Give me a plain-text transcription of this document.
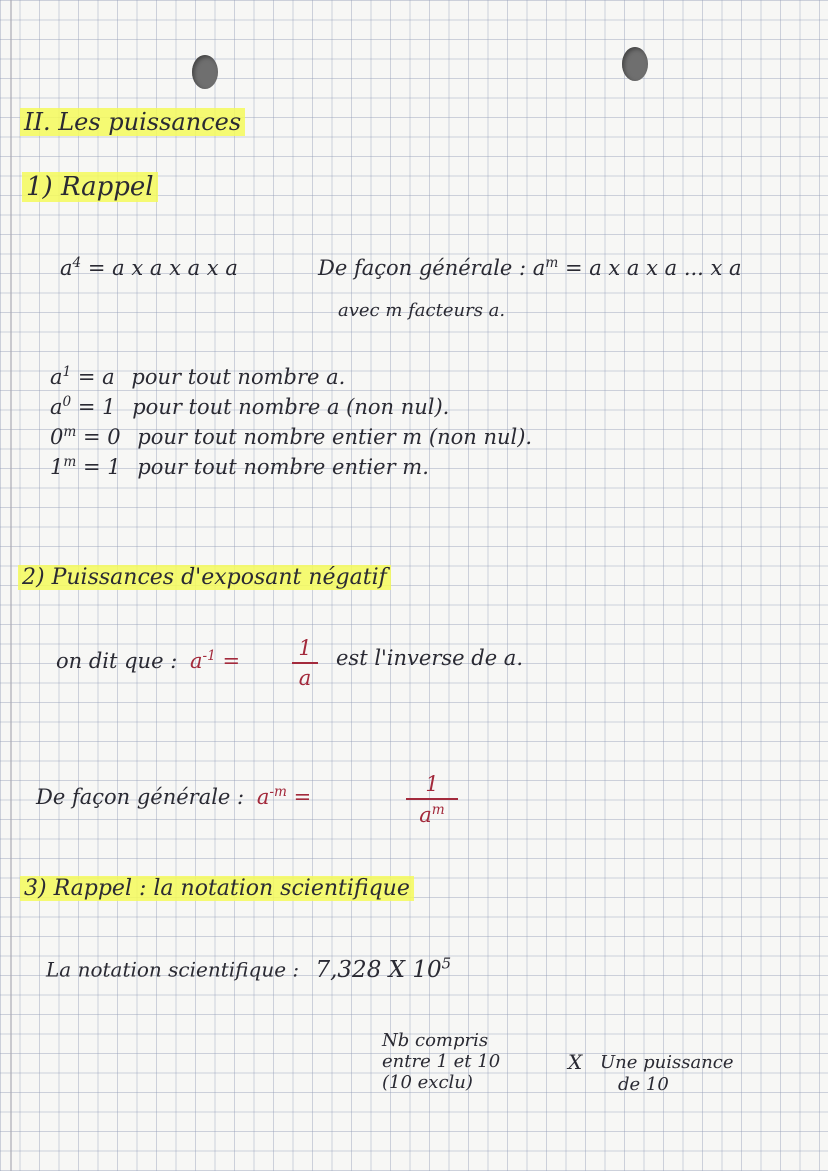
II. Les puissances
1) Rappel
$a^4 = a$ x a x a x a	De façon générale : $a^m = a$ x a x a ... x a
avec m facteurs a.
$a^1 = a$ pour tout nombre a.
$a^0 = 1$ pour tout nombre a (non nul).
$0^m = 0$ pour tout nombre entier m (non nul).
$1^m = 1$ pour tout nombre entier m.
2) Puissances d'exposant négatif
on dit que : $a^{-1}$ =
1
a
est l'inverse de a.
De façon générale : $a^{-m}$ =
1
$a^m$
3) Rappel : la notation scientifique
La notation scientifique : 7,328 X $10^5$
Nb compris
entre 1 et 10
(10 exclu)
X Une puissance
de 10
